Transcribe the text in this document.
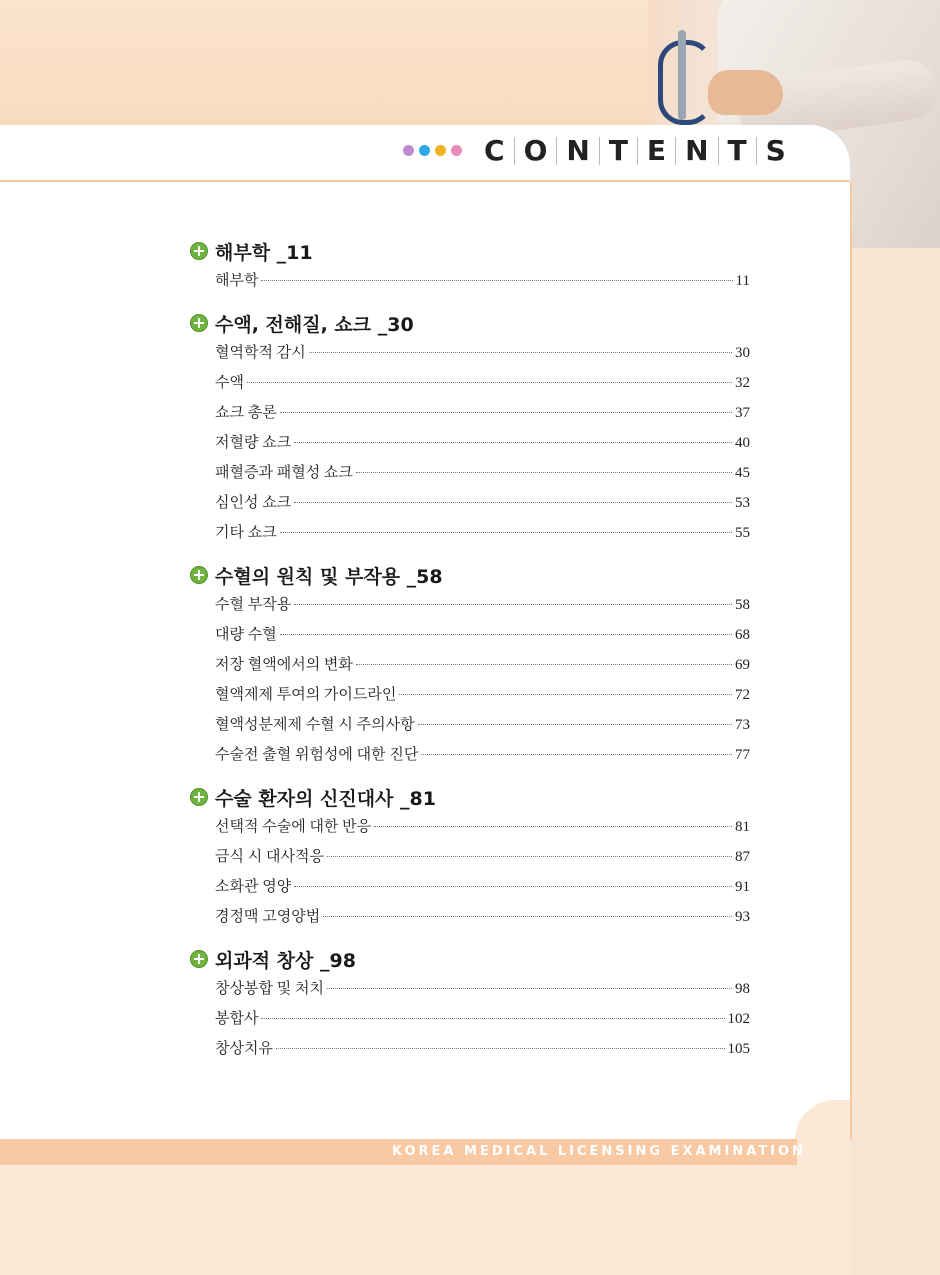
C O N T E N T S
해부학 _11
해부학	11
수액, 전해질, 쇼크 _30
혈역학적 감시	30
수액	32
쇼크 총론	37
저혈량 쇼크	40
패혈증과 패혈성 쇼크	45
심인성 쇼크	53
기타 쇼크	55
수혈의 원칙 및 부작용 _58
수혈 부작용	58
대량 수혈	68
저장 혈액에서의 변화	69
혈액제제 투여의 가이드라인	72
혈액성분제제 수혈 시 주의사항	73
수술전 출혈 위험성에 대한 진단	77
수술 환자의 신진대사 _81
선택적 수술에 대한 반응	81
금식 시 대사적응	87
소화관 영양	91
경정맥 고영양법	93
외과적 창상 _98
창상봉합 및 처치	98
봉합사	102
창상치유	105
KOREA MEDICAL LICENSING EXAMINATION
